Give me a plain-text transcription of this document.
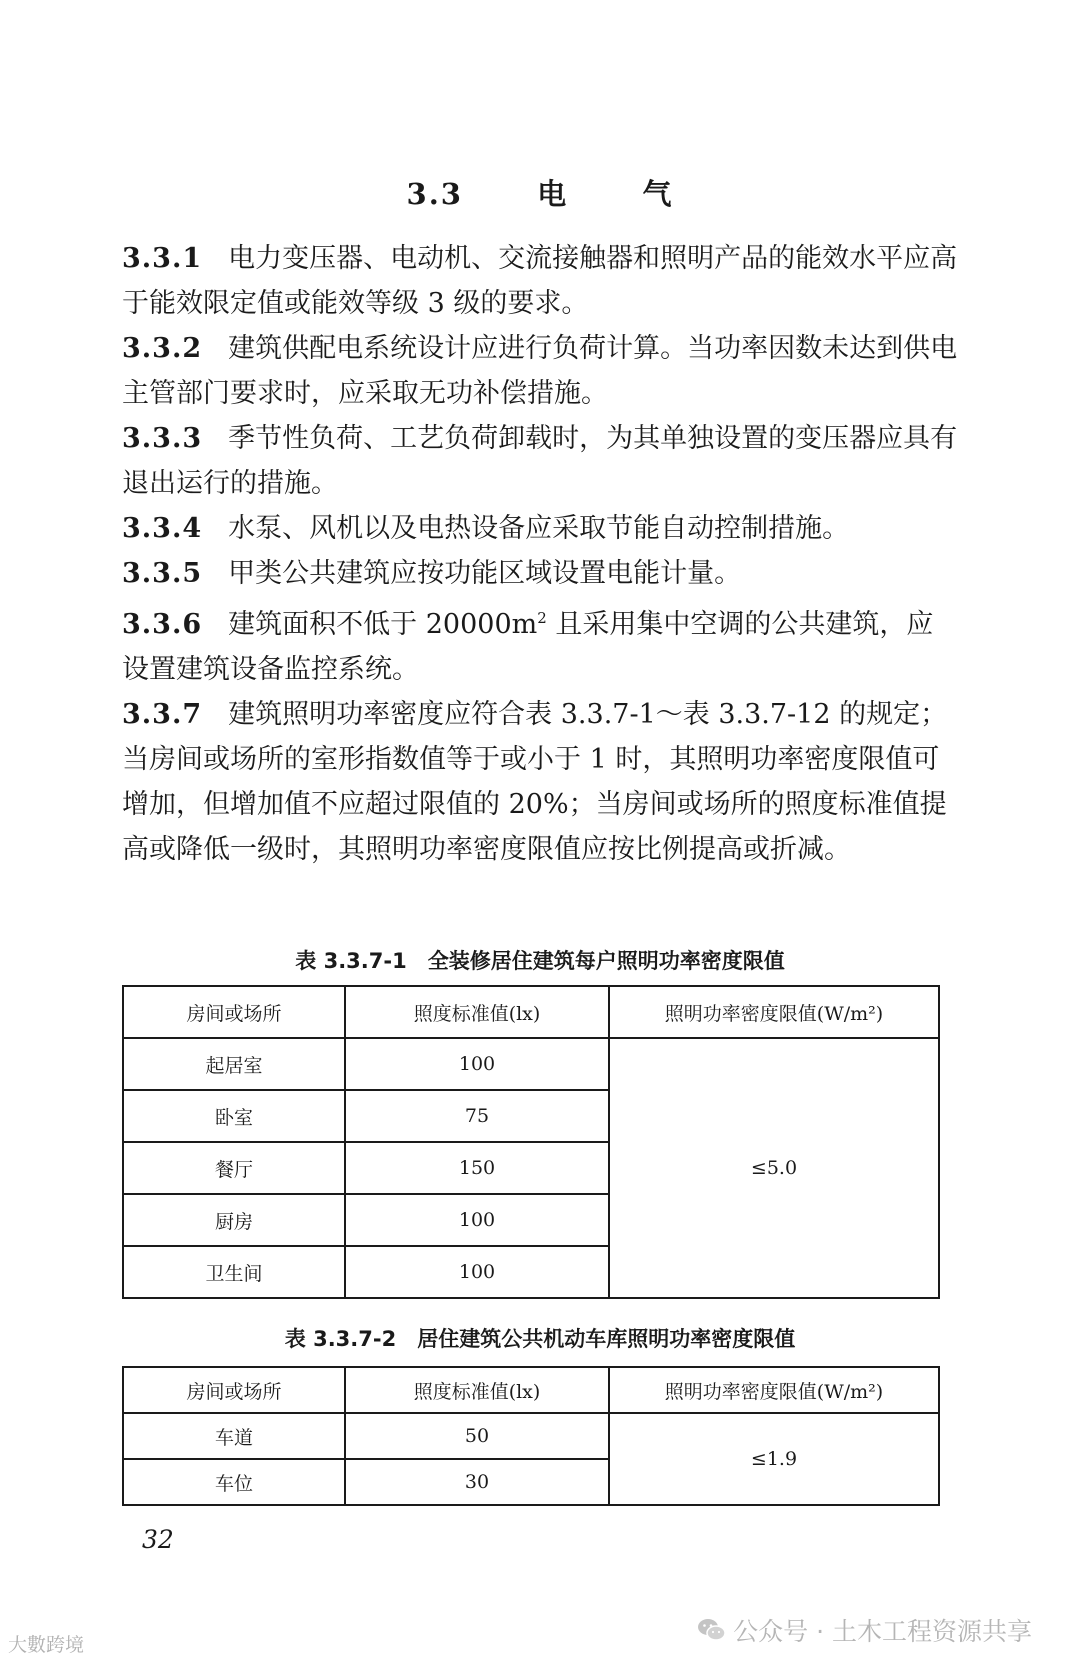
3.3	电	气

3.3.1 电力变压器、电动机、交流接触器和照明产品的能效水平应高于能效限定值或能效等级 3 级的要求。

3.3.2 建筑供配电系统设计应进行负荷计算。当功率因数未达到供电主管部门要求时，应采取无功补偿措施。

3.3.3 季节性负荷、工艺负荷卸载时，为其单独设置的变压器应具有退出运行的措施。

3.3.4 水泵、风机以及电热设备应采取节能自动控制措施。

3.3.5 甲类公共建筑应按功能区域设置电能计量。

3.3.6 建筑面积不低于 $20000m^2$ 且采用集中空调的公共建筑，应设置建筑设备监控系统。

3.3.7 建筑照明功率密度应符合表 3.3.7-1～表 3.3.7-12 的规定；当房间或场所的室形指数值等于或小于 1 时，其照明功率密度限值可增加，但增加值不应超过限值的 20%；当房间或场所的照度标准值提高或降低一级时，其照明功率密度限值应按比例提高或折减。

表 3.3.7-1　全装修居住建筑每户照明功率密度限值
房间或场所	照度标准值(lx)	照明功率密度限值(W/m²)
起居室	100	≤5.0
卧室	75	
餐厅	150	
厨房	100	
卫生间	100	
表 3.3.7-2　居住建筑公共机动车库照明功率密度限值
房间或场所	照度标准值(lx)	照明功率密度限值(W/m²)
车道	50	≤1.9
车位	30	
32
大數跨境	公众号 · 土木工程资源共享
